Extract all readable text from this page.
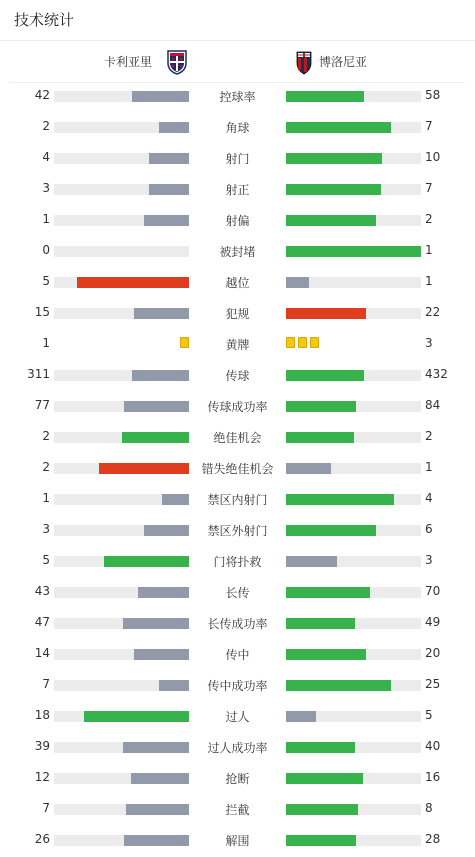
技术统计
卡利亚里	博洛尼亚
42	控球率	58
2	角球	7
4	射门	10
3	射正	7
1	射偏	2
0	被封堵	1
5	越位	1
15	犯规	22
1	黄牌	3
311	传球	432
77	传球成功率	84
2	绝佳机会	2
2	错失绝佳机会	1
1	禁区内射门	4
3	禁区外射门	6
5	门将扑救	3
43	长传	70
47	长传成功率	49
14	传中	20
7	传中成功率	25
18	过人	5
39	过人成功率	40
12	抢断	16
7	拦截	8
26	解围	28
